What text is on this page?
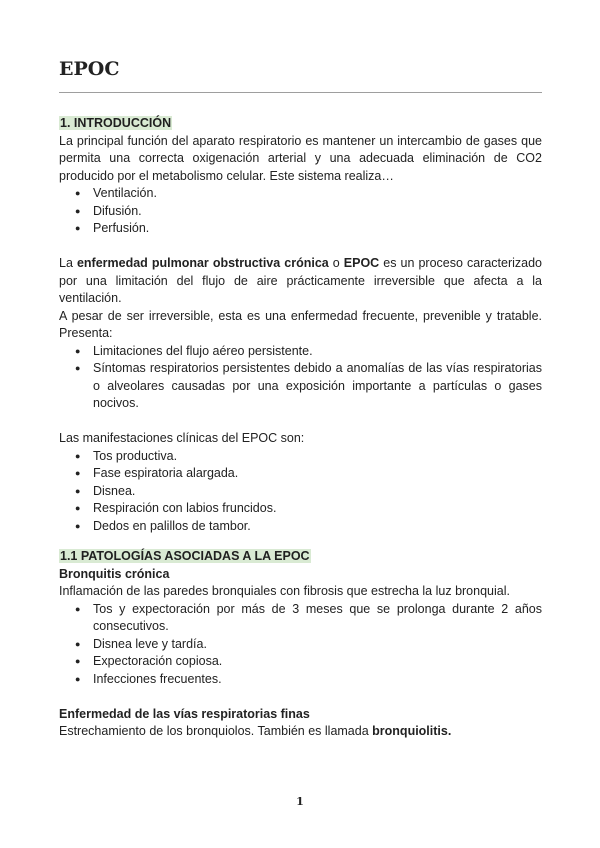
EPOC
1. INTRODUCCIÓN

La principal función del aparato respiratorio es mantener un intercambio de gases que permita una correcta oxigenación arterial y una adecuada eliminación de CO2 producido por el metabolismo celular. Este sistema realiza…

● Ventilación.
● Difusión.
● Perfusión.

La enfermedad pulmonar obstructiva crónica o EPOC es un proceso caracterizado por una limitación del flujo de aire prácticamente irreversible que afecta a la ventilación.

A pesar de ser irreversible, esta es una enfermedad frecuente, prevenible y tratable. Presenta:

● Limitaciones del flujo aéreo persistente.
● Síntomas respiratorios persistentes debido a anomalías de las vías respiratorias o alveolares causadas por una exposición importante a partículas o gases nocivos.

Las manifestaciones clínicas del EPOC son:

● Tos productiva.
● Fase espiratoria alargada.
● Disnea.
● Respiración con labios fruncidos.
● Dedos en palillos de tambor.
1.1 PATOLOGÍAS ASOCIADAS A LA EPOC

Bronquitis crónica

Inflamación de las paredes bronquiales con fibrosis que estrecha la luz bronquial.

● Tos y expectoración por más de 3 meses que se prolonga durante 2 años consecutivos.
● Disnea leve y tardía.
● Expectoración copiosa.
● Infecciones frecuentes.

Enfermedad de las vías respiratorias finas

Estrechamiento de los bronquiolos. También es llamada bronquiolitis.

1
